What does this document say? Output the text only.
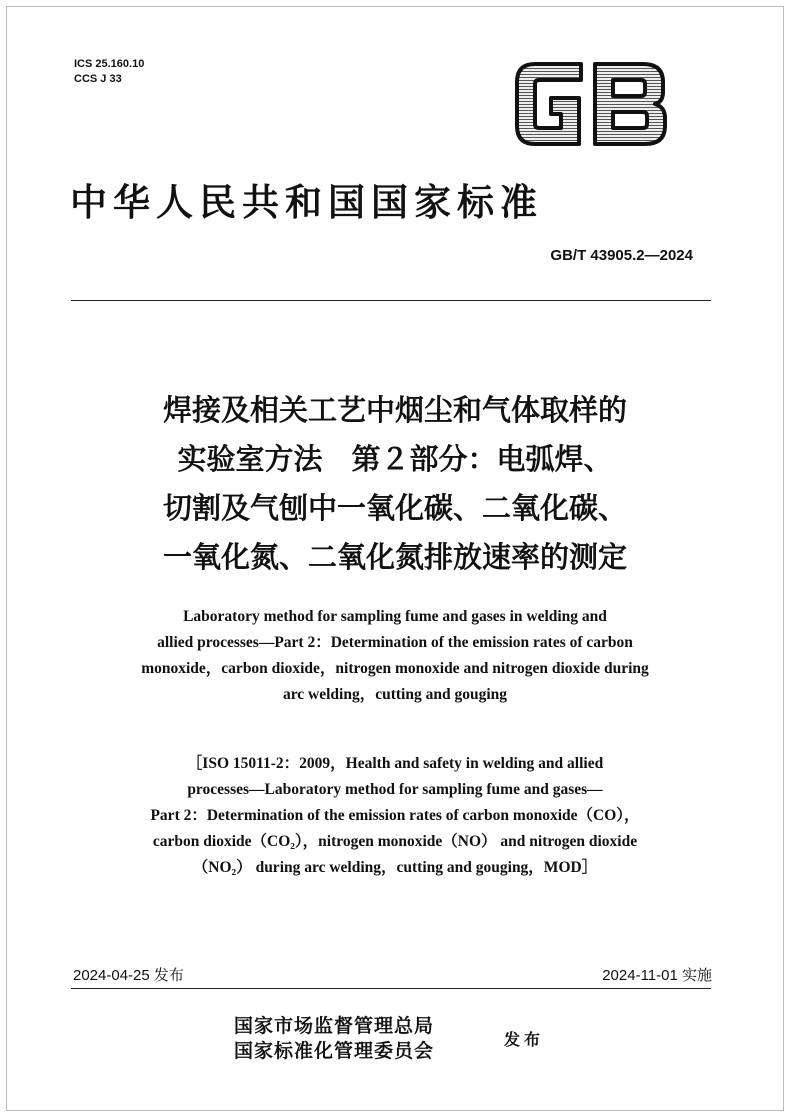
ICS 25.160.10
CCS J 33
中华人民共和国国家标准
GB/T 43905.2—2024
焊接及相关工艺中烟尘和气体取样的
实验室方法　第２部分：电弧焊、
切割及气刨中一氧化碳、二氧化碳、
一氧化氮、二氧化氮排放速率的测定
Laboratory method for sampling fume and gases in welding and
allied processes—Part 2：Determination of the emission rates of carbon
monoxide，carbon dioxide，nitrogen monoxide and nitrogen dioxide during
arc welding，cutting and gouging
［ISO 15011-2：2009，Health and safety in welding and allied
processes—Laboratory method for sampling fume and gases—
Part 2：Determination of the emission rates of carbon monoxide（CO），
carbon dioxide（CO₂），nitrogen monoxide（NO） and nitrogen dioxide
（NO₂） during arc welding，cutting and gouging，MOD］
2024-04-25 发布	2024-11-01 实施
国家市场监督管理总局
国家标准化管理委员会
发布
